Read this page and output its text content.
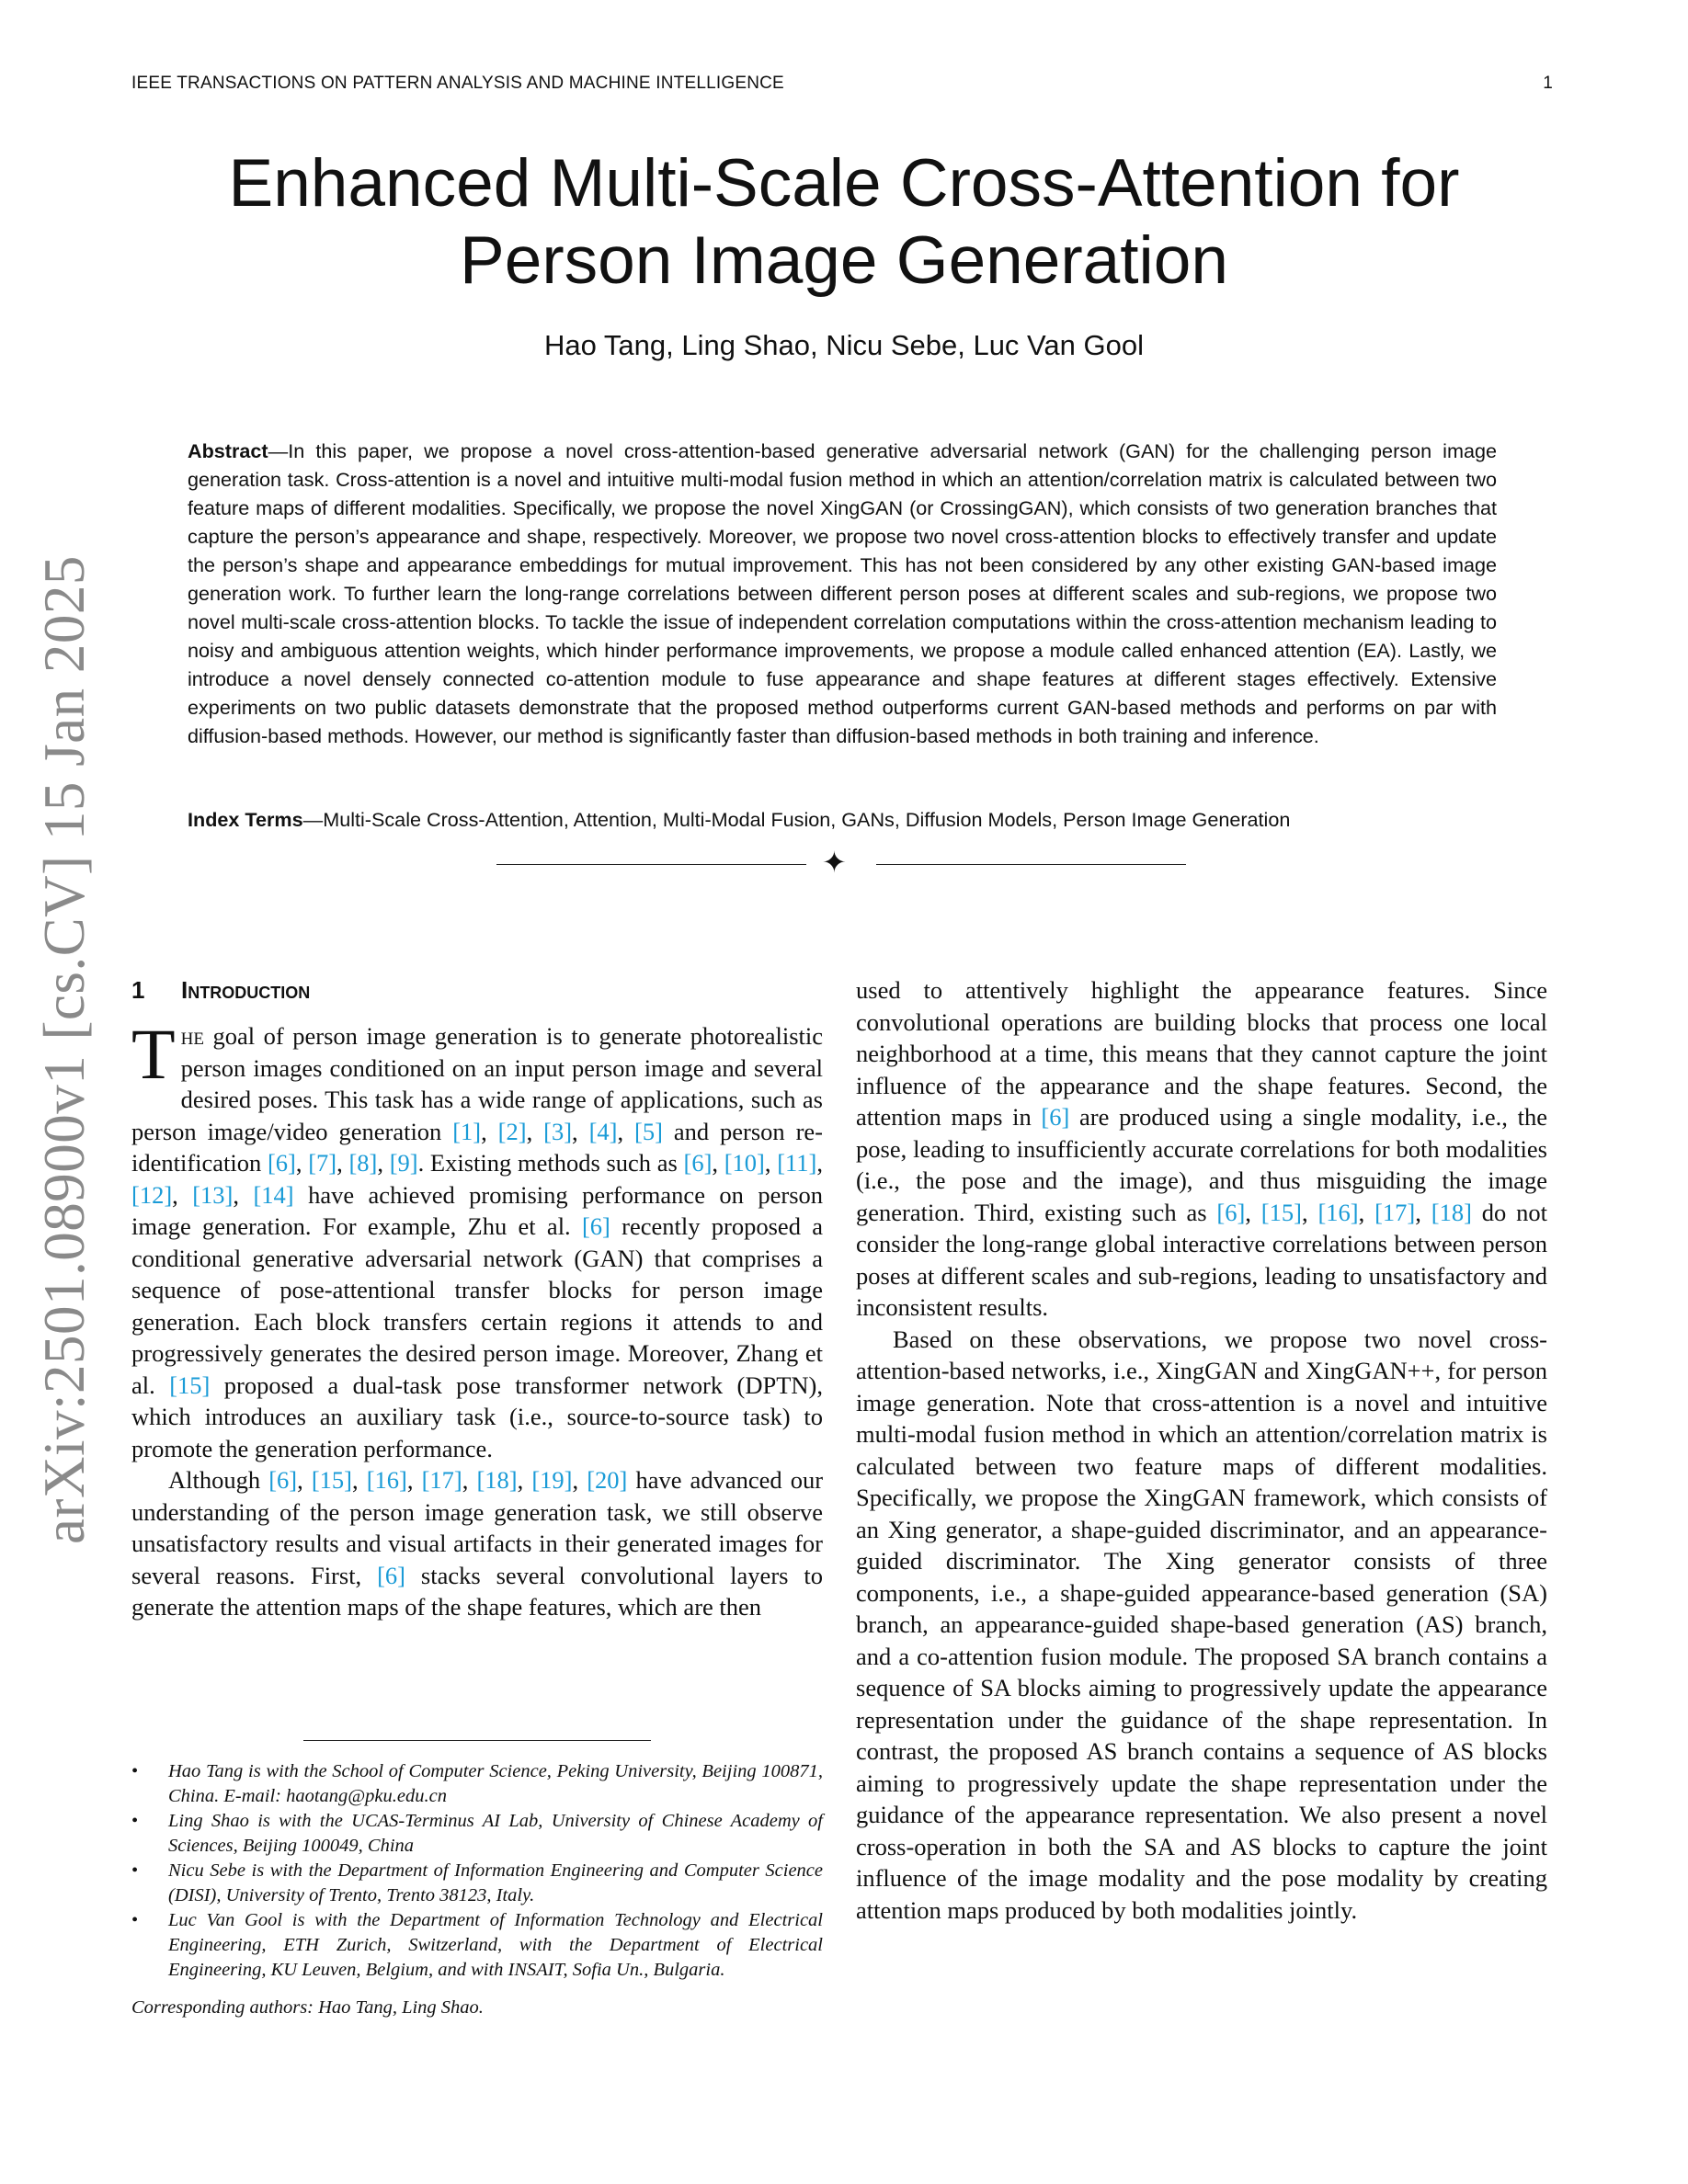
IEEE TRANSACTIONS ON PATTERN ANALYSIS AND MACHINE INTELLIGENCE	1
Enhanced Multi-Scale Cross-Attention for Person Image Generation
Hao Tang, Ling Shao, Nicu Sebe, Luc Van Gool

Abstract—In this paper, we propose a novel cross-attention-based generative adversarial network (GAN) for the challenging person image generation task. Cross-attention is a novel and intuitive multi-modal fusion method in which an attention/correlation matrix is calculated between two feature maps of different modalities. Specifically, we propose the novel XingGAN (or CrossingGAN), which consists of two generation branches that capture the person’s appearance and shape, respectively. Moreover, we propose two novel cross-attention blocks to effectively transfer and update the person’s shape and appearance embeddings for mutual improvement. This has not been considered by any other existing GAN-based image generation work. To further learn the long-range correlations between different person poses at different scales and sub-regions, we propose two novel multi-scale cross-attention blocks. To tackle the issue of independent correlation computations within the cross-attention mechanism leading to noisy and ambiguous attention weights, which hinder performance improvements, we propose a module called enhanced attention (EA). Lastly, we introduce a novel densely connected co-attention module to fuse appearance and shape features at different stages effectively. Extensive experiments on two public datasets demonstrate that the proposed method outperforms current GAN-based methods and performs on par with diffusion-based methods. However, our method is significantly faster than diffusion-based methods in both training and inference.

Index Terms—Multi-Scale Cross-Attention, Attention, Multi-Modal Fusion, GANs, Diffusion Models, Person Image Generation

✦
arXiv:2501.08900v1 [cs.CV] 15 Jan 2025 1 Introduction

The goal of person image generation is to generate photorealistic person images conditioned on an input person image and several desired poses. This task has a wide range of applications, such as person image/video generation [1], [2], [3], [4], [5] and person re-identification [6], [7], [8], [9]. Existing methods such as [6], [10], [11], [12], [13], [14] have achieved promising performance on person image generation. For example, Zhu et al. [6] recently proposed a conditional generative adversarial network (GAN) that comprises a sequence of pose-attentional transfer blocks for person image generation. Each block transfers certain regions it attends to and progressively generates the desired person image. Moreover, Zhang et al. [15] proposed a dual-task pose transformer network (DPTN), which introduces an auxiliary task (i.e., source-to-source task) to promote the generation performance.

Although [6], [15], [16], [17], [18], [19], [20] have advanced our understanding of the person image generation task, we still observe unsatisfactory results and visual artifacts in their generated images for several reasons. First, [6] stacks several convolutional layers to generate the attention maps of the shape features, which are then

used to attentively highlight the appearance features. Since convolutional operations are building blocks that process one local neighborhood at a time, this means that they cannot capture the joint influence of the appearance and the shape features. Second, the attention maps in [6] are produced using a single modality, i.e., the pose, leading to insufficiently accurate correlations for both modalities (i.e., the pose and the image), and thus misguiding the image generation. Third, existing such as [6], [15], [16], [17], [18] do not consider the long-range global interactive correlations between person poses at different scales and sub-regions, leading to unsatisfactory and inconsistent results.

Based on these observations, we propose two novel cross-attention-based networks, i.e., XingGAN and XingGAN++, for person image generation. Note that cross-attention is a novel and intuitive multi-modal fusion method in which an attention/correlation matrix is calculated between two feature maps of different modalities. Specifically, we propose the XingGAN framework, which consists of an Xing generator, a shape-guided discriminator, and an appearance-guided discriminator. The Xing generator consists of three components, i.e., a shape-guided appearance-based generation (SA) branch, an appearance-guided shape-based generation (AS) branch, and a co-attention fusion module. The proposed SA branch contains a sequence of SA blocks aiming to progressively update the appearance representation under the guidance of the shape representation. In contrast, the proposed AS branch contains a sequence of AS blocks aiming to progressively update the shape representation under the guidance of the appearance representation. We also present a novel cross-operation in both the SA and AS blocks to capture the joint influence of the image modality and the pose modality by creating attention maps produced by both modalities jointly.

• Hao Tang is with the School of Computer Science, Peking University, Beijing 100871, China. E-mail: haotang@pku.edu.cn
• Ling Shao is with the UCAS-Terminus AI Lab, University of Chinese Academy of Sciences, Beijing 100049, China
• Nicu Sebe is with the Department of Information Engineering and Computer Science (DISI), University of Trento, Trento 38123, Italy.
• Luc Van Gool is with the Department of Information Technology and Electrical Engineering, ETH Zurich, Switzerland, with the Department of Electrical Engineering, KU Leuven, Belgium, and with INSAIT, Sofia Un., Bulgaria.
Corresponding authors: Hao Tang, Ling Shao.
